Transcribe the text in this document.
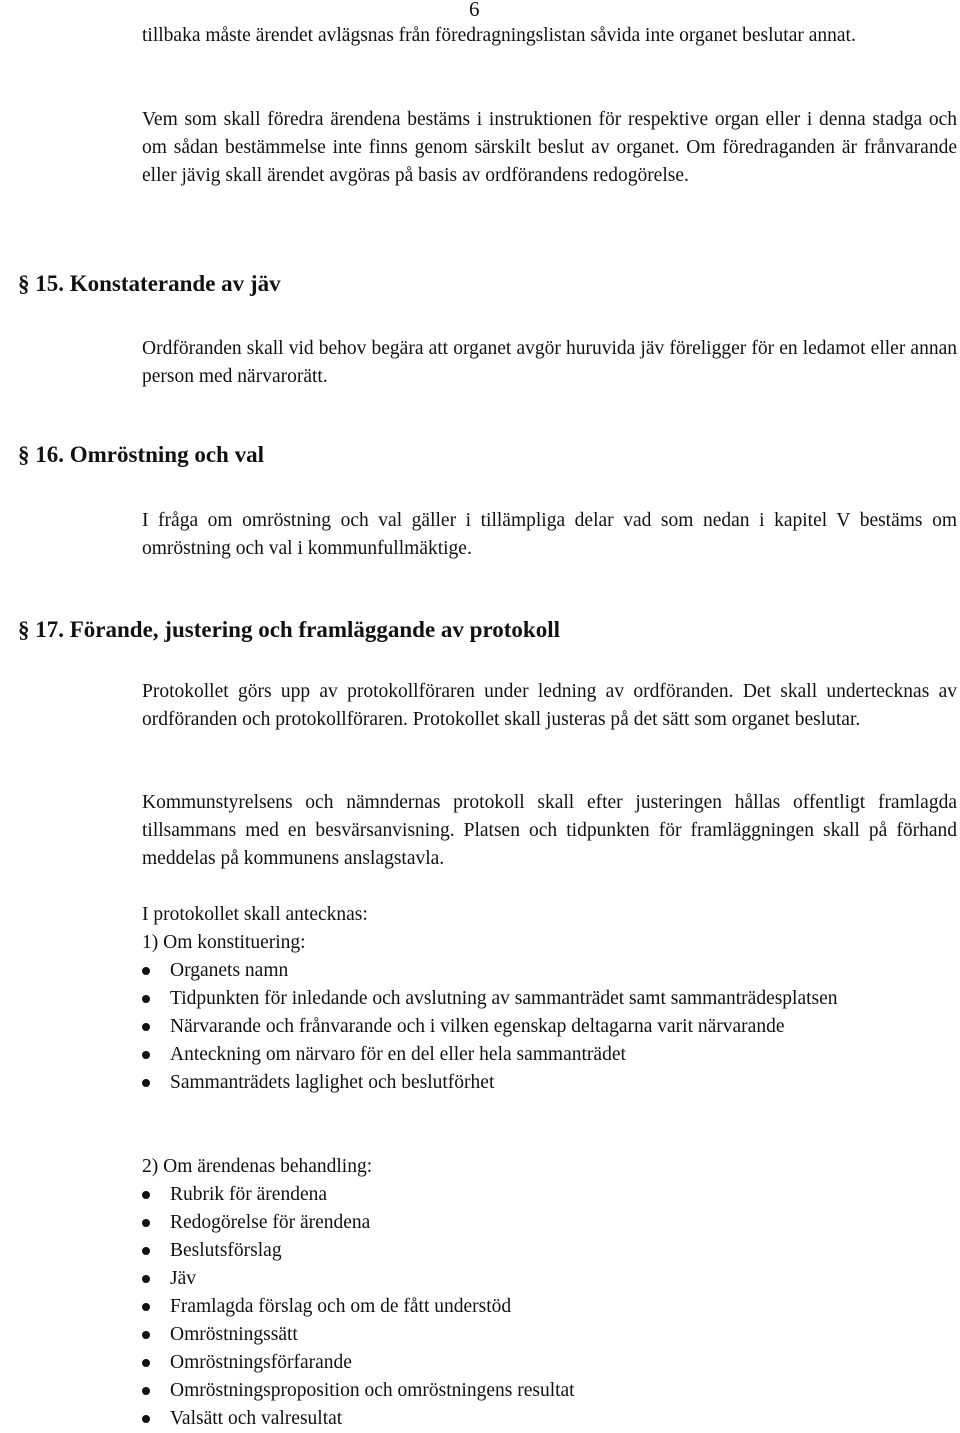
6

tillbaka måste ärendet avlägsnas från föredragningslistan såvida inte organet beslutar annat.

Vem som skall föredra ärendena bestäms i instruktionen för respektive organ eller i denna stadga och om sådan bestämmelse inte finns genom särskilt beslut av organet. Om föredraganden är frånvarande eller jävig skall ärendet avgöras på basis av ordförandens redogörelse.

§ 15. Konstaterande av jäv

Ordföranden skall vid behov begära att organet avgör huruvida jäv föreligger för en ledamot eller annan person med närvarorätt.

§ 16. Omröstning och val

I fråga om omröstning och val gäller i tillämpliga delar vad som nedan i kapitel V bestäms om omröstning och val i kommunfullmäktige.

§ 17. Förande, justering och framläggande av protokoll

Protokollet görs upp av protokollföraren under ledning av ordföranden. Det skall undertecknas av ordföranden och protokollföraren. Protokollet skall justeras på det sätt som organet beslutar.

Kommunstyrelsens och nämndernas protokoll skall efter justeringen hållas offentligt framlagda tillsammans med en besvärsanvisning. Platsen och tidpunkten för framläggningen skall på förhand meddelas på kommunens anslagstavla.

I protokollet skall antecknas:
1) Om konstituering:
Organets namn
Tidpunkten för inledande och avslutning av sammanträdet samt sammanträdesplatsen
Närvarande och frånvarande och i vilken egenskap deltagarna varit närvarande
Anteckning om närvaro för en del eller hela sammanträdet
Sammanträdets laglighet och beslutförhet
2) Om ärendenas behandling:
Rubrik för ärendena
Redogörelse för ärendena
Beslutsförslag
Jäv
Framlagda förslag och om de fått understöd
Omröstningssätt
Omröstningsförfarande
Omröstningsproposition och omröstningens resultat
Valsätt och valresultat
